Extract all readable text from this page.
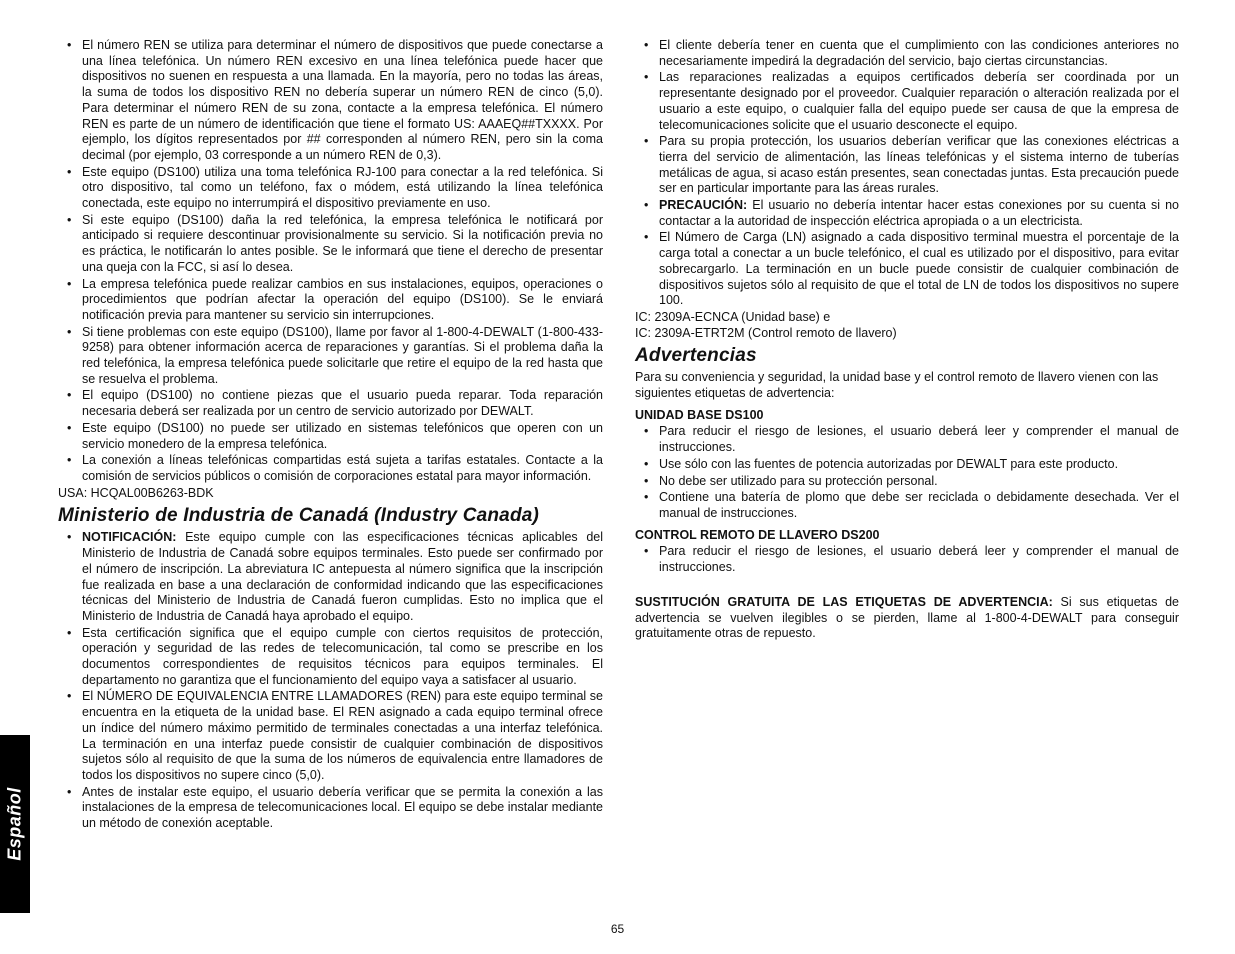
• El número REN se utiliza para determinar el número de dispositivos que puede conectarse a una línea telefónica. Un número REN excesivo en una línea telefónica puede hacer que dispositivos no suenen en respuesta a una llamada. En la mayoría, pero no todas las áreas, la suma de todos los dispositivo REN no debería superar un número REN de cinco (5,0). Para determinar el número REN de su zona, contacte a la empresa telefónica. El número REN es parte de un número de identificación que tiene el formato US: AAAEQ##TXXXX. Por ejemplo, los dígitos representados por ## corresponden al número REN, pero sin la coma decimal (por ejemplo, 03 corresponde a un número REN de 0,3).
• Este equipo (DS100) utiliza una toma telefónica RJ-100 para conectar a la red telefónica. Si otro dispositivo, tal como un teléfono, fax o módem, está utilizando la línea telefónica conectada, este equipo no interrumpirá el dispositivo previamente en uso.
• Si este equipo (DS100) daña la red telefónica, la empresa telefónica le notificará por anticipado si requiere descontinuar provisionalmente su servicio. Si la notificación previa no es práctica, le notificarán lo antes posible. Se le informará que tiene el derecho de presentar una queja con la FCC, si así lo desea.
• La empresa telefónica puede realizar cambios en sus instalaciones, equipos, operaciones o procedimientos que podrían afectar la operación del equipo (DS100). Se le enviará notificación previa para mantener su servicio sin interrupciones.
• Si tiene problemas con este equipo (DS100), llame por favor al 1-800-4-DEWALT (1-800-433-9258) para obtener información acerca de reparaciones y garantías. Si el problema daña la red telefónica, la empresa telefónica puede solicitarle que retire el equipo de la red hasta que se resuelva el problema.
• El equipo (DS100) no contiene piezas que el usuario pueda reparar. Toda reparación necesaria deberá ser realizada por un centro de servicio autorizado por DEWALT.
• Este equipo (DS100) no puede ser utilizado en sistemas telefónicos que operen con un servicio monedero de la empresa telefónica.
• La conexión a líneas telefónicas compartidas está sujeta a tarifas estatales. Contacte a la comisión de servicios públicos o comisión de corporaciones estatal para mayor información.

USA: HCQAL00B6263-BDK

Ministerio de Industria de Canadá (Industry Canada)
• NOTIFICACIÓN: Este equipo cumple con las especificaciones técnicas aplicables del Ministerio de Industria de Canadá sobre equipos terminales. Esto puede ser confirmado por el número de inscripción. La abreviatura IC antepuesta al número significa que la inscripción fue realizada en base a una declaración de conformidad indicando que las especificaciones técnicas del Ministerio de Industria de Canadá fueron cumplidas. Esto no implica que el Ministerio de Industria de Canadá haya aprobado el equipo.
• Esta certificación significa que el equipo cumple con ciertos requisitos de protección, operación y seguridad de las redes de telecomunicación, tal como se prescribe en los documentos correspondientes de requisitos técnicos para equipos terminales. El departamento no garantiza que el funcionamiento del equipo vaya a satisfacer al usuario.
• El NÚMERO DE EQUIVALENCIA ENTRE LLAMADORES (REN) para este equipo terminal se encuentra en la etiqueta de la unidad base. El REN asignado a cada equipo terminal ofrece un índice del número máximo permitido de terminales conectadas a una interfaz telefónica. La terminación en una interfaz puede consistir de cualquier combinación de dispositivos sujetos sólo al requisito de que la suma de los números de equivalencia entre llamadores de todos los dispositivos no supere cinco (5,0).
• Antes de instalar este equipo, el usuario debería verificar que se permita la conexión a las instalaciones de la empresa de telecomunicaciones local. El equipo se debe instalar mediante un método de conexión aceptable.
• El cliente debería tener en cuenta que el cumplimiento con las condiciones anteriores no necesariamente impedirá la degradación del servicio, bajo ciertas circunstancias.
• Las reparaciones realizadas a equipos certificados debería ser coordinada por un representante designado por el proveedor. Cualquier reparación o alteración realizada por el usuario a este equipo, o cualquier falla del equipo puede ser causa de que la empresa de telecomunicaciones solicite que el usuario desconecte el equipo.
• Para su propia protección, los usuarios deberían verificar que las conexiones eléctricas a tierra del servicio de alimentación, las líneas telefónicas y el sistema interno de tuberías metálicas de agua, si acaso están presentes, sean conectadas juntas. Esta precaución puede ser en particular importante para las áreas rurales.
• PRECAUCIÓN: El usuario no debería intentar hacer estas conexiones por su cuenta si no contactar a la autoridad de inspección eléctrica apropiada o a un electricista.
• El Número de Carga (LN) asignado a cada dispositivo terminal muestra el porcentaje de la carga total a conectar a un bucle telefónico, el cual es utilizado por el dispositivo, para evitar sobrecargarlo. La terminación en un bucle puede consistir de cualquier combinación de dispositivos sujetos sólo al requisito de que el total de LN de todos los dispositivos no supere 100.

IC: 2309A-ECNCA (Unidad base) e

IC: 2309A-ETRT2M (Control remoto de llavero)

Advertencias

Para su conveniencia y seguridad, la unidad base y el control remoto de llavero vienen con las siguientes etiquetas de advertencia:

UNIDAD BASE DS100
• Para reducir el riesgo de lesiones, el usuario deberá leer y comprender el manual de instrucciones.
• Use sólo con las fuentes de potencia autorizadas por DEWALT para este producto.
• No debe ser utilizado para su protección personal.
• Contiene una batería de plomo que debe ser reciclada o debidamente desechada. Ver el manual de instrucciones.
CONTROL REMOTO DE LLAVERO DS200
• Para reducir el riesgo de lesiones, el usuario deberá leer y comprender el manual de instrucciones.

SUSTITUCIÓN GRATUITA DE LAS ETIQUETAS DE ADVERTENCIA: Si sus etiquetas de advertencia se vuelven ilegibles o se pierden, llame al 1-800-4-DEWALT para conseguir gratuitamente otras de repuesto.

Español
65
